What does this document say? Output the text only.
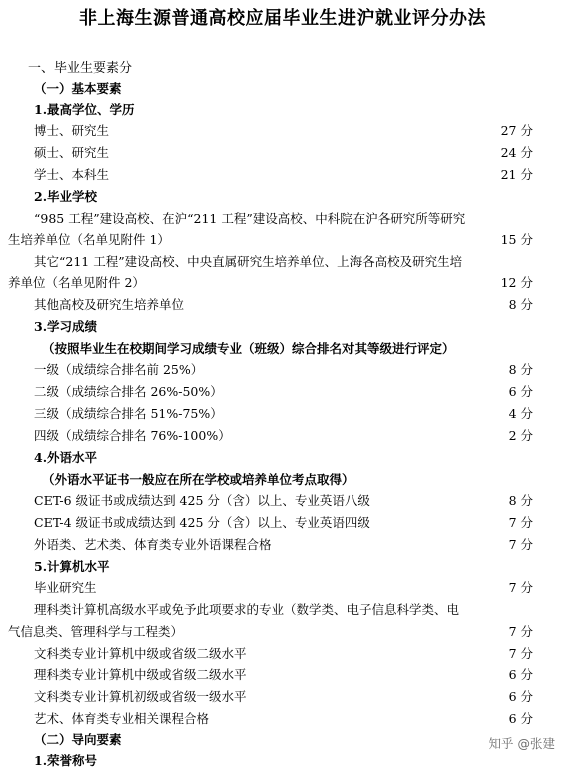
非上海生源普通高校应届毕业生进沪就业评分办法
一、毕业生要素分
（一）基本要素
1.最高学位、学历
博士、研究生	27 分
硕士、研究生	24 分
学士、本科生	21 分
2.毕业学校
“985 工程”建设高校、在沪“211 工程”建设高校、中科院在沪各研究所等研究
生培养单位（名单见附件 1）	15 分
其它“211 工程”建设高校、中央直属研究生培养单位、上海各高校及研究生培
养单位（名单见附件 2）	12 分
其他高校及研究生培养单位	8 分
3.学习成绩
（按照毕业生在校期间学习成绩专业（班级）综合排名对其等级进行评定）
一级（成绩综合排名前 25%）	8 分
二级（成绩综合排名 26%-50%）	6 分
三级（成绩综合排名 51%-75%）	4 分
四级（成绩综合排名 76%-100%）	2 分
4.外语水平
（外语水平证书一般应在所在学校或培养单位考点取得）
CET-6 级证书或成绩达到 425 分（含）以上、专业英语八级	8 分
CET-4 级证书或成绩达到 425 分（含）以上、专业英语四级	7 分
外语类、艺术类、体育类专业外语课程合格	7 分
5.计算机水平
毕业研究生	7 分
理科类计算机高级水平或免予此项要求的专业（数学类、电子信息科学类、电
气信息类、管理科学与工程类）	7 分
文科类专业计算机中级或省级二级水平	7 分
理科类专业计算机中级或省级二级水平	6 分
文科类专业计算机初级或省级一级水平	6 分
艺术、体育类专业相关课程合格	6 分
（二）导向要素
1.荣誉称号
知乎 @张建
